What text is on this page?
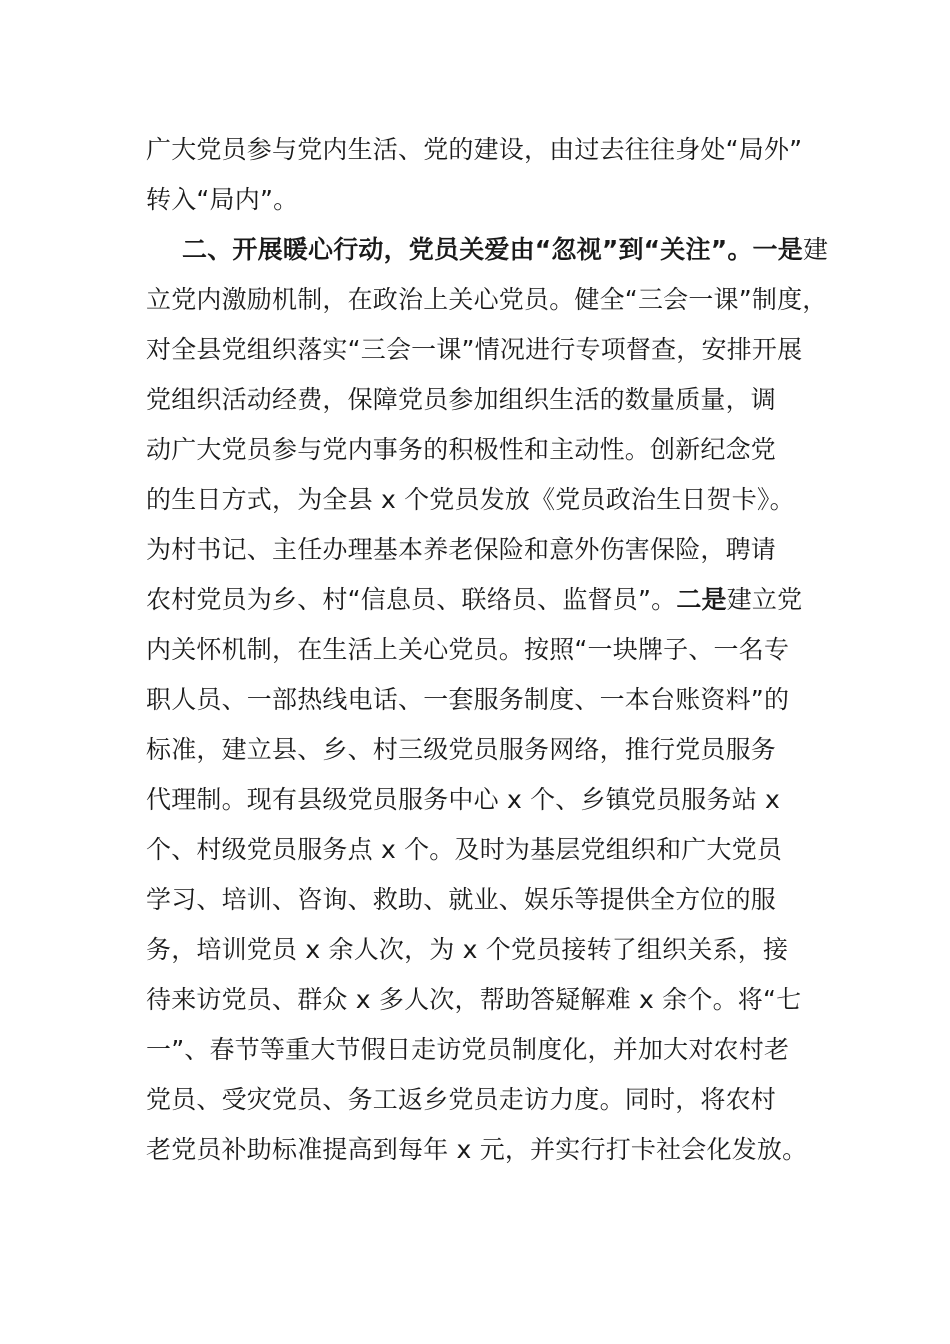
广大党员参与党内生活、党的建设，由过去往往身处“局外”
转入“局内”。
二、开展暖心行动，党员关爱由“忽视”到“关注”。一是建
立党内激励机制，在政治上关心党员。健全“三会一课”制度，
对全县党组织落实“三会一课”情况进行专项督查，安排开展
党组织活动经费，保障党员参加组织生活的数量质量，调
动广大党员参与党内事务的积极性和主动性。创新纪念党
的生日方式，为全县 x 个党员发放《党员政治生日贺卡》。
为村书记、主任办理基本养老保险和意外伤害保险，聘请
农村党员为乡、村“信息员、联络员、监督员”。二是建立党
内关怀机制，在生活上关心党员。按照“一块牌子、一名专
职人员、一部热线电话、一套服务制度、一本台账资料”的
标准，建立县、乡、村三级党员服务网络，推行党员服务
代理制。现有县级党员服务中心 x 个、乡镇党员服务站 x
个、村级党员服务点 x 个。及时为基层党组织和广大党员
学习、培训、咨询、救助、就业、娱乐等提供全方位的服
务，培训党员 x 余人次，为 x 个党员接转了组织关系，接
待来访党员、群众 x 多人次，帮助答疑解难 x 余个。将“七
一”、春节等重大节假日走访党员制度化，并加大对农村老
党员、受灾党员、务工返乡党员走访力度。同时，将农村
老党员补助标准提高到每年 x 元，并实行打卡社会化发放。
